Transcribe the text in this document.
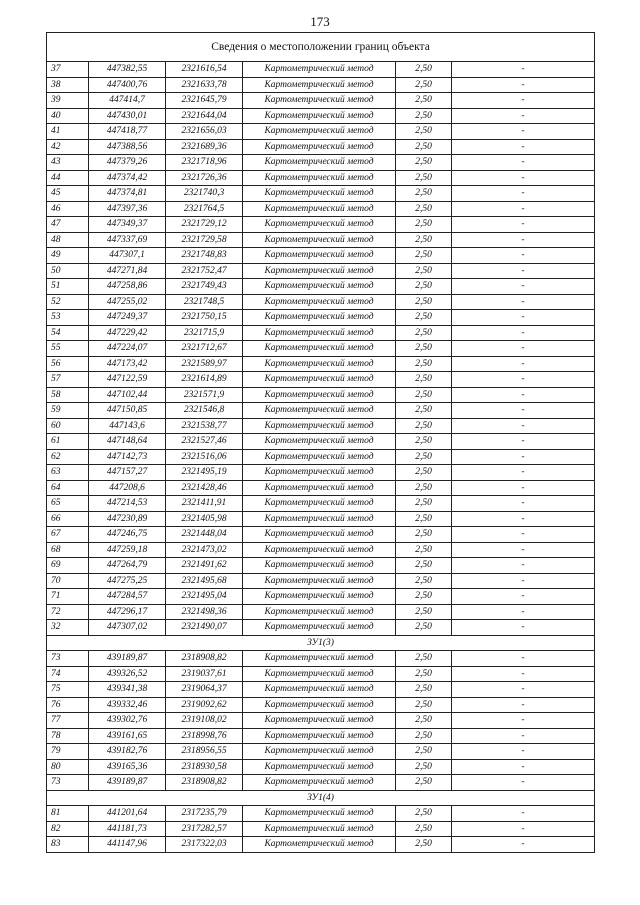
173
Сведения о местоположении границ объекта					
37	447382,55	2321616,54	Картометрический метод	2,50	-
38	447400,76	2321633,78	Картометрический метод	2,50	-
39	447414,7	2321645,79	Картометрический метод	2,50	-
40	447430,01	2321644,04	Картометрический метод	2,50	-
41	447418,77	2321656,03	Картометрический метод	2,50	-
42	447388,56	2321689,36	Картометрический метод	2,50	-
43	447379,26	2321718,96	Картометрический метод	2,50	-
44	447374,42	2321726,36	Картометрический метод	2,50	-
45	447374,81	2321740,3	Картометрический метод	2,50	-
46	447397,36	2321764,5	Картометрический метод	2,50	-
47	447349,37	2321729,12	Картометрический метод	2,50	-
48	447337,69	2321729,58	Картометрический метод	2,50	-
49	447307,1	2321748,83	Картометрический метод	2,50	-
50	447271,84	2321752,47	Картометрический метод	2,50	-
51	447258,86	2321749,43	Картометрический метод	2,50	-
52	447255,02	2321748,5	Картометрический метод	2,50	-
53	447249,37	2321750,15	Картометрический метод	2,50	-
54	447229,42	2321715,9	Картометрический метод	2,50	-
55	447224,07	2321712,67	Картометрический метод	2,50	-
56	447173,42	2321589,97	Картометрический метод	2,50	-
57	447122,59	2321614,89	Картометрический метод	2,50	-
58	447102,44	2321571,9	Картометрический метод	2,50	-
59	447150,85	2321546,8	Картометрический метод	2,50	-
60	447143,6	2321538,77	Картометрический метод	2,50	-
61	447148,64	2321527,46	Картометрический метод	2,50	-
62	447142,73	2321516,06	Картометрический метод	2,50	-
63	447157,27	2321495,19	Картометрический метод	2,50	-
64	447208,6	2321428,46	Картометрический метод	2,50	-
65	447214,53	2321411,91	Картометрический метод	2,50	-
66	447230,89	2321405,98	Картометрический метод	2,50	-
67	447246,75	2321448,04	Картометрический метод	2,50	-
68	447259,18	2321473,02	Картометрический метод	2,50	-
69	447264,79	2321491,62	Картометрический метод	2,50	-
70	447275,25	2321495,68	Картометрический метод	2,50	-
71	447284,57	2321495,04	Картометрический метод	2,50	-
72	447296,17	2321498,36	Картометрический метод	2,50	-
32	447307,02	2321490,07	Картометрический метод	2,50	-
ЗУ1(3)					
73	439189,87	2318908,82	Картометрический метод	2,50	-
74	439326,52	2319037,61	Картометрический метод	2,50	-
75	439341,38	2319064,37	Картометрический метод	2,50	-
76	439332,46	2319092,62	Картометрический метод	2,50	-
77	439302,76	2319108,02	Картометрический метод	2,50	-
78	439161,65	2318998,76	Картометрический метод	2,50	-
79	439182,76	2318956,55	Картометрический метод	2,50	-
80	439165,36	2318930,58	Картометрический метод	2,50	-
73	439189,87	2318908,82	Картометрический метод	2,50	-
ЗУ1(4)					
81	441201,64	2317235,79	Картометрический метод	2,50	-
82	441181,73	2317282,57	Картометрический метод	2,50	-
83	441147,96	2317322,03	Картометрический метод	2,50	-
